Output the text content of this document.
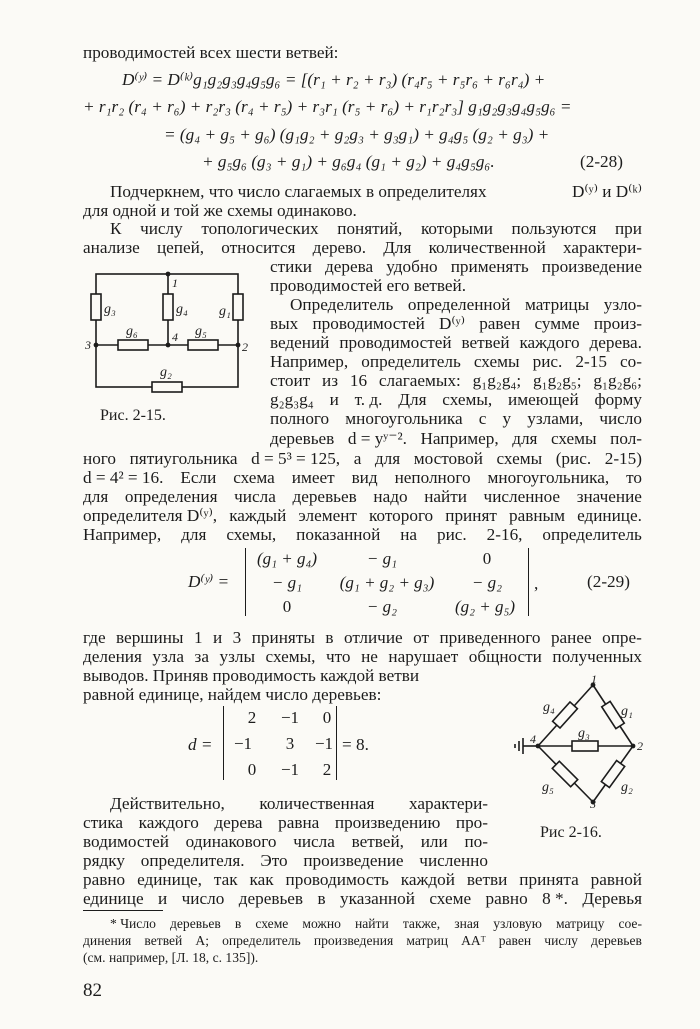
проводимостей всех шести ветвей:
D⁽ʸ⁾ = D⁽ᵏ⁾g₁g₂g₃g₄g₅g₆ = [(r₁ + r₂ + r₃) (r₄r₅ + r₅r₆ + r₆r₄) +
+ r₁r₂ (r₄ + r₆) + r₂r₃ (r₄ + r₅) + r₃r₁ (r₅ + r₆) + r₁r₂r₃] g₁g₂g₃g₄g₅g₆ =
= (g₄ + g₅ + g₆) (g₁g₂ + g₂g₃ + g₃g₁) + g₄g₅ (g₂ + g₃) +
+ g₅g₆ (g₃ + g₁) + g₆g₄ (g₁ + g₂) + g₄g₅g₆.	(2-28)
Подчеркнем, что число слагаемых в определителях	D⁽ʸ⁾ и D⁽ᵏ⁾
для одной и той же схемы одинаково.
К числу топологических понятий, которыми пользуются при
анализе цепей, относится дерево. Для количественной характери-
стики дерева удобно применять произведение
проводимостей его ветвей.
g₃	g₄ g₁
g₆	g₅
g₂
1
2
3
4
Рис. 2-15.
Определитель определенной матрицы узло-
вых проводимостей D⁽ʸ⁾ равен сумме произ-
ведений проводимостей ветвей каждого дерева.
Например, определитель схемы рис. 2-15 со-
стоит из 16 слагаемых: g₁g₂g₄; g₁g₂g₅; g₁g₂g₆;
g₂g₃g₄ и т. д. Для схемы, имеющей форму
полного многоугольника с y узлами, число
деревьев d = yʸ⁻². Например, для схемы пол-
ного пятиугольника d = 5³ = 125, а для мостовой схемы (рис. 2-15)
d = 4² = 16. Если схема имеет вид неполного многоугольника, то
для определения числа деревьев надо найти численное значение
определителя D⁽ʸ⁾, каждый элемент которого принят равным единице.
Например, для схемы, показанной на рис. 2-16, определитель
D⁽ʸ⁾ =
(g₁ + g₄)	− g₁	0
− g₁ (g₁ + g₂ + g₃) − g₂
0	− g₂	(g₂ + g₅)
,	(2-29)
где вершины 1 и 3 приняты в отличие от приведенного ранее опре-
деления узла за узлы схемы, что не нарушает общности полученных
выводов. Приняв проводимость каждой ветви
равной единице, найдем число деревьев:
d =
2 −1 0
−1 3 −1
0 −1 2
= 8.
g₄	g₁
g₃
g₅	g₂
1
2
4
3
Рис 2-16.
Действительно, количественная характери-
стика каждого дерева равна произведению про-
водимостей одинакового числа ветвей, или по-
рядку определителя. Это произведение численно
равно единице, так как проводимость каждой ветви принята равной
единице и число деревьев в указанной схеме равно 8 *. Деревья
* Число деревьев в схеме можно найти также, зная узловую матрицу сое-
динения ветвей A; определитель произведения матриц AAᵀ равен числу деревьев
(см. например, [Л. 18, с. 135]).
82
